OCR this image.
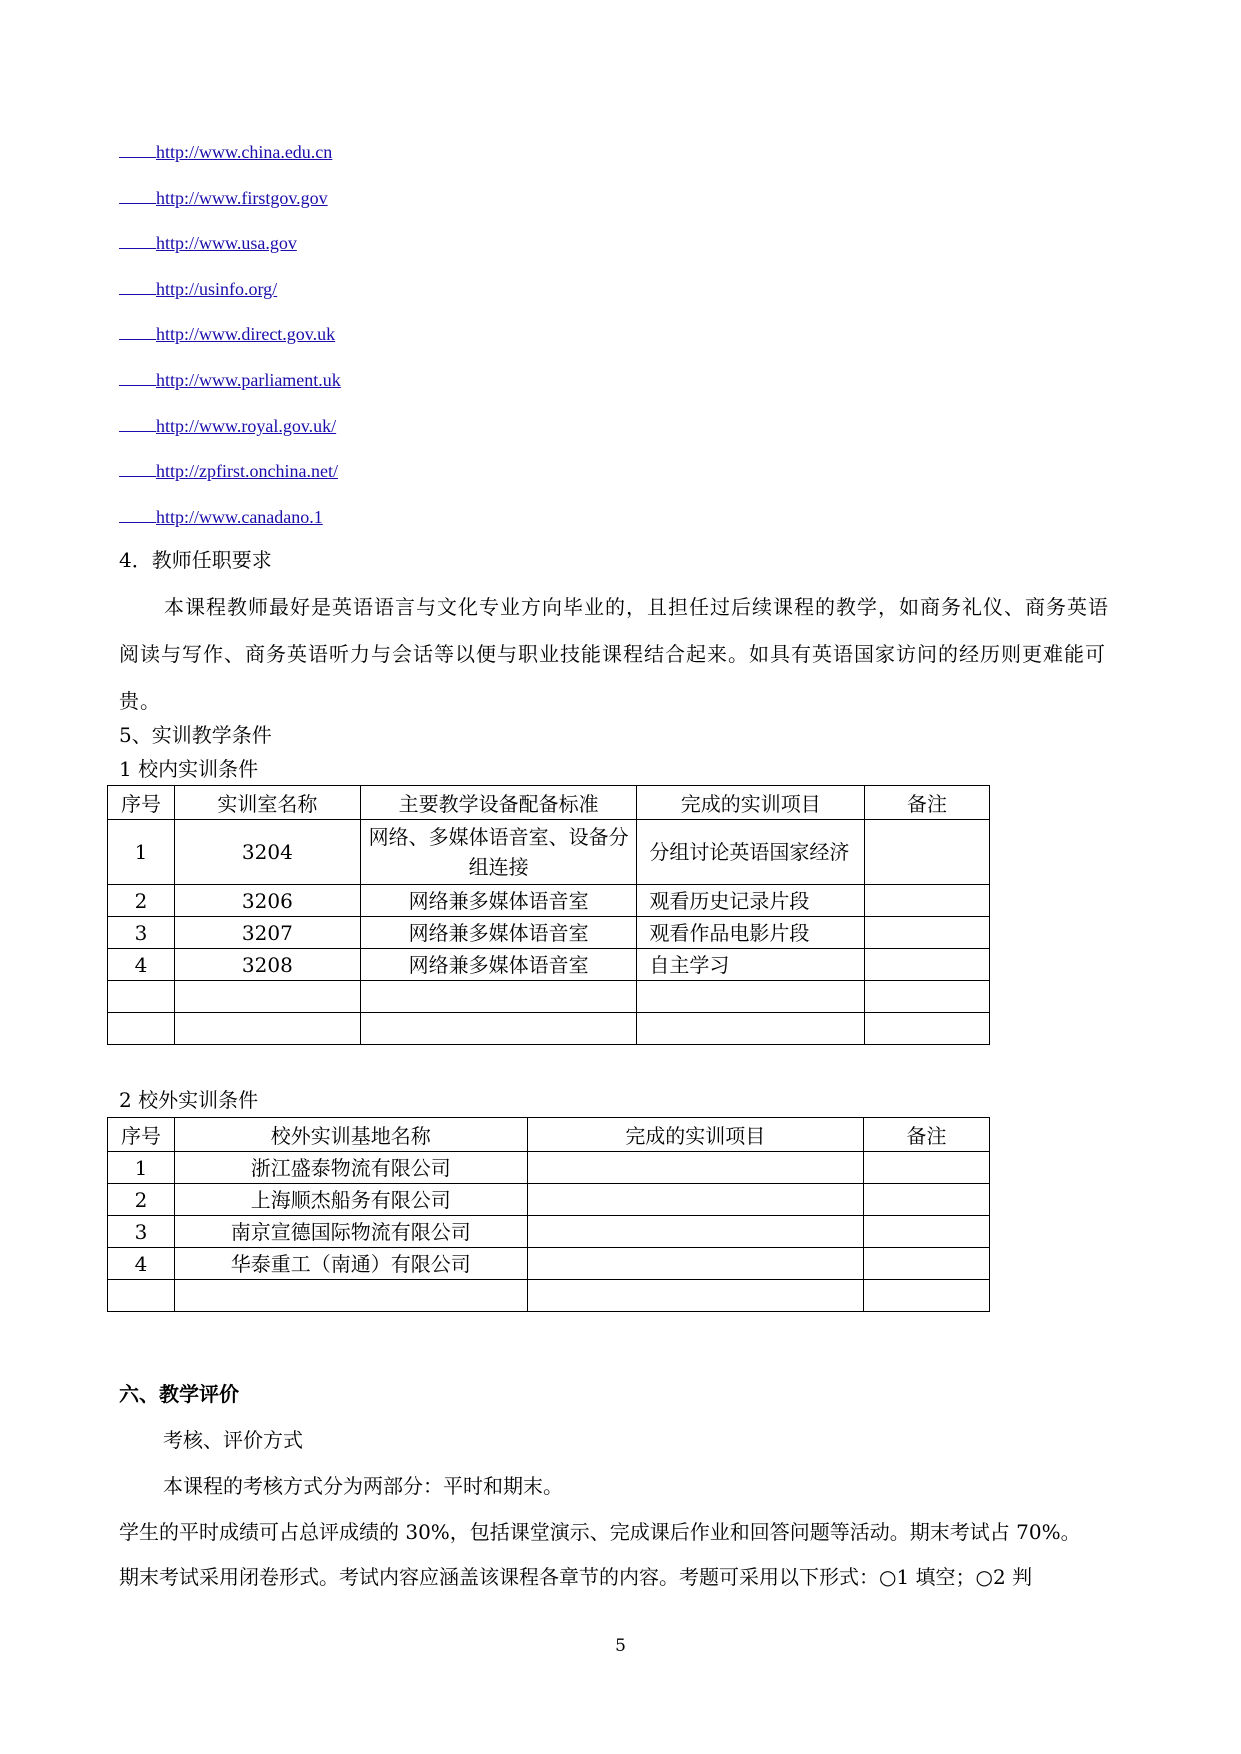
http://www.china.edu.cn
http://www.firstgov.gov
http://www.usa.gov
http://usinfo.org/
http://www.direct.gov.uk
http://www.parliament.uk
http://www.royal.gov.uk/
http://zpfirst.onchina.net/
http://www.canadano.1
4．教师任职要求
本课程教师最好是英语语言与文化专业方向毕业的，且担任过后续课程的教学，如商务礼仪、商务英语阅读与写作、商务英语听力与会话等以便与职业技能课程结合起来。如具有英语国家访问的经历则更难能可贵。
5、实训教学条件
1 校内实训条件
序号	实训室名称	主要教学设备配备标准	完成的实训项目	备注
1	3204	网络、多媒体语音室、设备分组连接	分组讨论英语国家经济	
2	3206	网络兼多媒体语音室	观看历史记录片段	
3	3207	网络兼多媒体语音室	观看作品电影片段	
4	3208	网络兼多媒体语音室	自主学习	

2 校外实训条件
序号	校外实训基地名称	完成的实训项目	备注
1	浙江盛泰物流有限公司		
2	上海顺杰船务有限公司		
3	南京宣德国际物流有限公司		
4	华泰重工（南通）有限公司		

六、教学评价
考核、评价方式
本课程的考核方式分为两部分：平时和期末。
学生的平时成绩可占总评成绩的 30%，包括课堂演示、完成课后作业和回答问题等活动。期末考试占 70%。
期末考试采用闭卷形式。考试内容应涵盖该课程各章节的内容。考题可采用以下形式：○1 填空；○2 判
5
